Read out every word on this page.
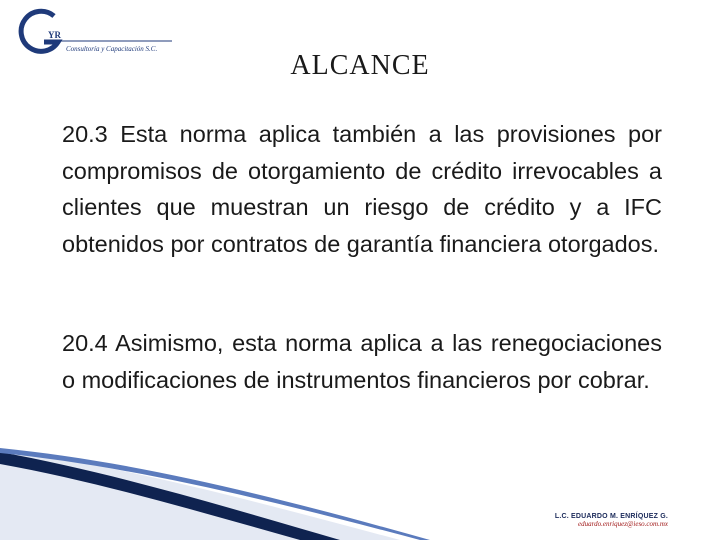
YR
Consultoría y Capacitación S.C.
ALCANCE
20.3 Esta norma aplica también a las provisiones por compromisos de otorgamiento de crédito irrevocables a clientes que muestran un riesgo de crédito y a IFC obtenidos por contratos de garantía financiera otorgados.
20.4 Asimismo, esta norma aplica a las renegociaciones o modificaciones de instrumentos financieros por cobrar.
L.C. EDUARDO M. ENRÍQUEZ G.
eduardo.enriquez@ieso.com.mx
